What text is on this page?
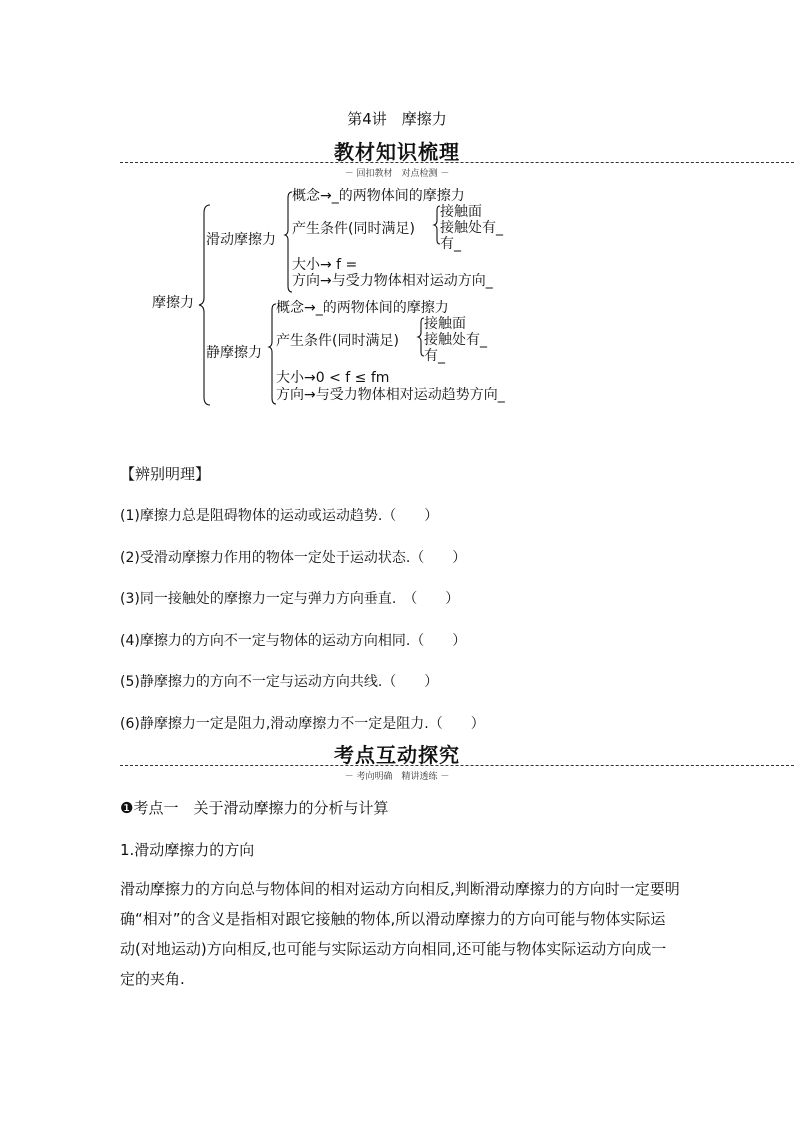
第4讲　摩擦力
教材知识梳理
－ 回扣教材　对点检测 －
摩擦力
滑动摩擦力
概念→_的两物体间的摩擦力
产生条件(同时满足)
接触面
接触处有_
有_
大小→ f =
方向→与受力物体相对运动方向_
静摩擦力
概念→_的两物体间的摩擦力
产生条件(同时满足)
接触面
接触处有_
有_
大小→0 < f ≤ fm
方向→与受力物体相对运动趋势方向_
【辨别明理】
(1)摩擦力总是阻碍物体的运动或运动趋势.（　　）
(2)受滑动摩擦力作用的物体一定处于运动状态.（　　）
(3)同一接触处的摩擦力一定与弹力方向垂直.　（　　）
(4)摩擦力的方向不一定与物体的运动方向相同.（　　）
(5)静摩擦力的方向不一定与运动方向共线.（　　）
(6)静摩擦力一定是阻力,滑动摩擦力不一定是阻力.（　　）
考点互动探究
－ 考向明确　精讲透练 －
❶考点一　关于滑动摩擦力的分析与计算
1.滑动摩擦力的方向
滑动摩擦力的方向总与物体间的相对运动方向相反,判断滑动摩擦力的方向时一定要明确“相对”的含义是指相对跟它接触的物体,所以滑动摩擦力的方向可能与物体实际运动(对地运动)方向相反,也可能与实际运动方向相同,还可能与物体实际运动方向成一定的夹角.
